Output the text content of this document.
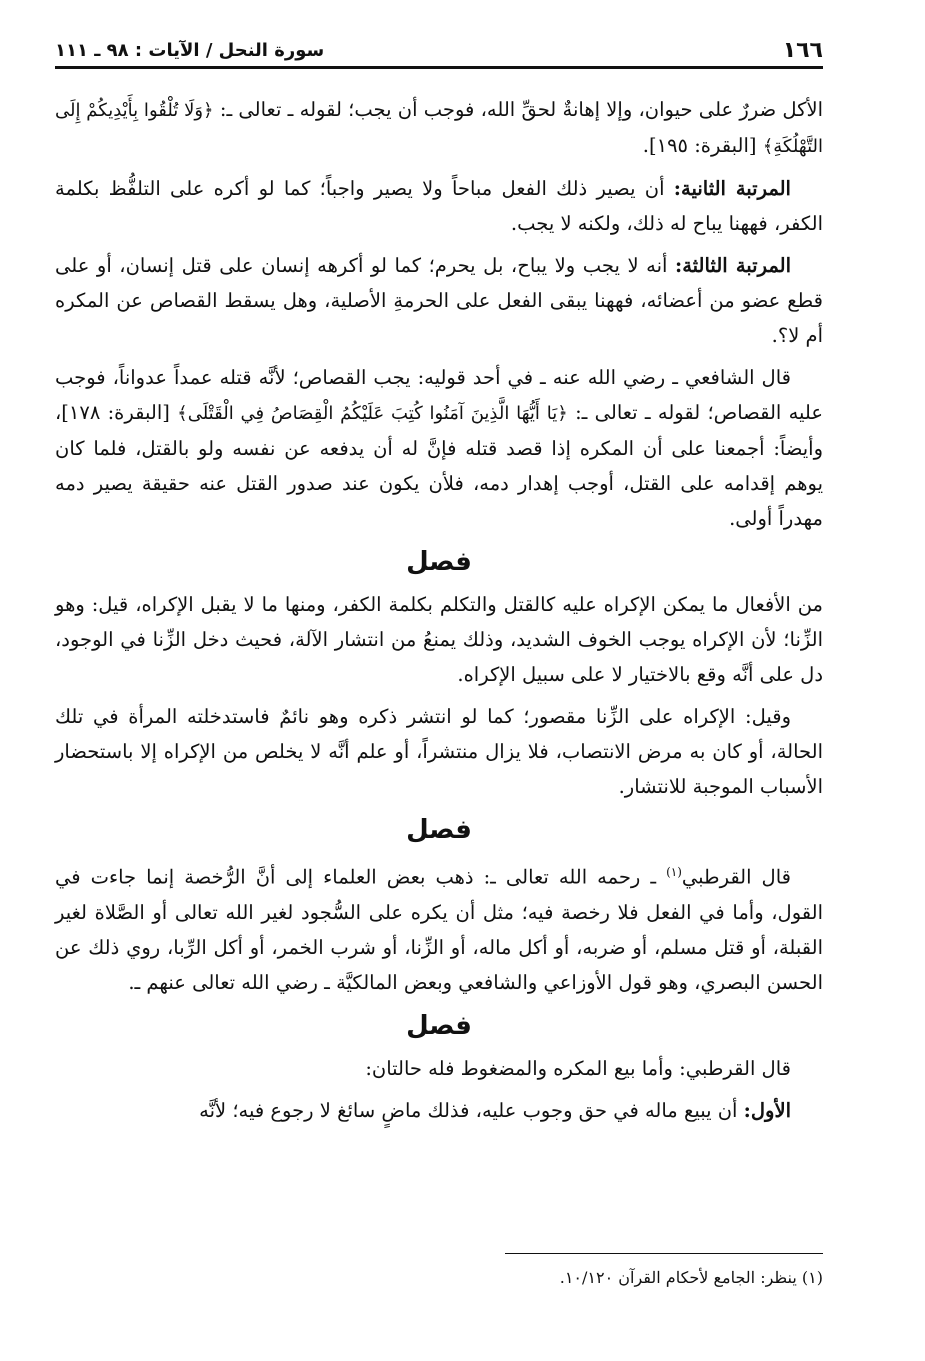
١٦٦
سورة النحل / الآيات : ٩٨ ـ ١١١

الأكل ضررٌ على حيوان، وإلا إهانةٌ لحقِّ الله، فوجب أن يجب؛ لقوله ـ تعالى ـ: ﴿وَلَا تُلْقُوا بِأَيْدِيكُمْ إِلَى التَّهْلُكَةِ﴾ [البقرة: ١٩٥].

المرتبة الثانية: أن يصير ذلك الفعل مباحاً ولا يصير واجباً؛ كما لو أكره على التلفُّظ بكلمة الكفر، فههنا يباح له ذلك، ولكنه لا يجب.

المرتبة الثالثة: أنه لا يجب ولا يباح، بل يحرم؛ كما لو أكرهه إنسان على قتل إنسان، أو على قطع عضو من أعضائه، فههنا يبقى الفعل على الحرمةِ الأصلية، وهل يسقط القصاص عن المكره أم لا؟.

قال الشافعي ـ رضي الله عنه ـ في أحد قوليه: يجب القصاص؛ لأنَّه قتله عمداً عدواناً، فوجب عليه القصاص؛ لقوله ـ تعالى ـ: ﴿يَا أَيُّهَا الَّذِينَ آمَنُوا كُتِبَ عَلَيْكُمُ الْقِصَاصُ فِي الْقَتْلَى﴾ [البقرة: ١٧٨]، وأيضاً: أجمعنا على أن المكره إذا قصد قتله فإنَّ له أن يدفعه عن نفسه ولو بالقتل، فلما كان يوهم إقدامه على القتل، أوجب إهدار دمه، فلأن يكون عند صدور القتل عنه حقيقة يصير دمه مهدراً أولى.

فصل

من الأفعال ما يمكن الإكراه عليه كالقتل والتكلم بكلمة الكفر، ومنها ما لا يقبل الإكراه، قيل: وهو الزِّنا؛ لأن الإكراه يوجب الخوف الشديد، وذلك يمنعُ من انتشار الآلة، فحيث دخل الزِّنا في الوجود، دل على أنَّه وقع بالاختيار لا على سبيل الإكراه.

وقيل: الإكراه على الزِّنا مقصور؛ كما لو انتشر ذكره وهو نائمٌ فاستدخلته المرأة في تلك الحالة، أو كان به مرض الانتصاب، فلا يزال منتشراً، أو علم أنَّه لا يخلص من الإكراه إلا باستحضار الأسباب الموجبة للانتشار.

فصل

قال القرطبي$^{(١)}$ ـ رحمه الله تعالى ـ: ذهب بعض العلماء إلى أنَّ الرُّخصة إنما جاءت في القول، وأما في الفعل فلا رخصة فيه؛ مثل أن يكره على السُّجود لغير الله تعالى أو الصَّلاة لغير القبلة، أو قتل مسلم، أو ضربه، أو أكل ماله، أو الزِّنا، أو شرب الخمر، أو أكل الرِّبا، روي ذلك عن الحسن البصري، وهو قول الأوزاعي والشافعي وبعض المالكيَّة ـ رضي الله تعالى عنهم ـ.

فصل

قال القرطبي: وأما بيع المكره والمضغوط فله حالتان:

الأول: أن يبيع ماله في حق وجوب عليه، فذلك ماضٍ سائغ لا رجوع فيه؛ لأنَّه

(١) ينظر: الجامع لأحكام القرآن ١٠/١٢٠.
